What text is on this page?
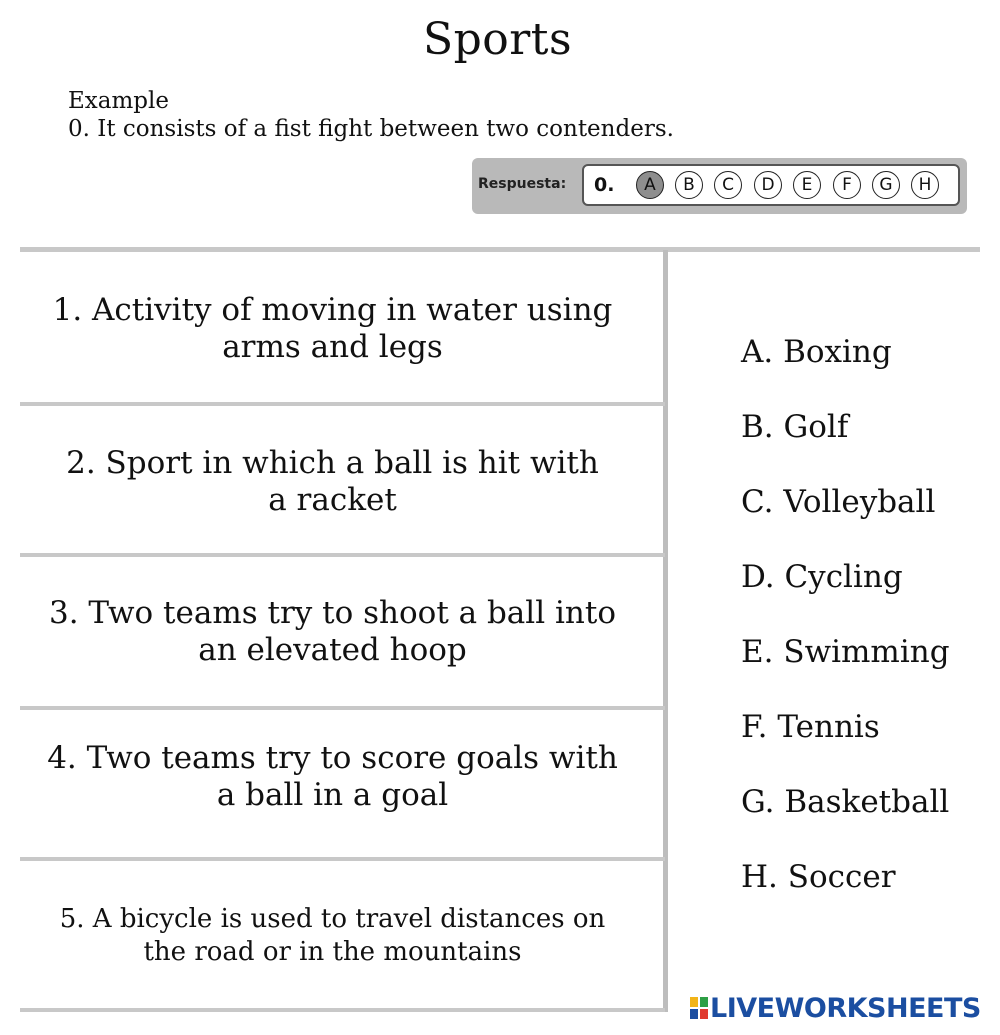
Sports
Example
0. It consists of a fist fight between two contenders.
Respuesta: 0.	A	B	C	D	E	F	G	H
1. Activity of moving in water using
arms and legs
2. Sport in which a ball is hit with
a racket
3. Two teams try to shoot a ball into
an elevated hoop
4. Two teams try to score goals with
a ball in a goal
5. A bicycle is used to travel distances on
the road or in the mountains
A. Boxing
B. Golf
C. Volleyball
D. Cycling
E. Swimming
F. Tennis
G. Basketball
H. Soccer
LIVEWORKSHEETS
